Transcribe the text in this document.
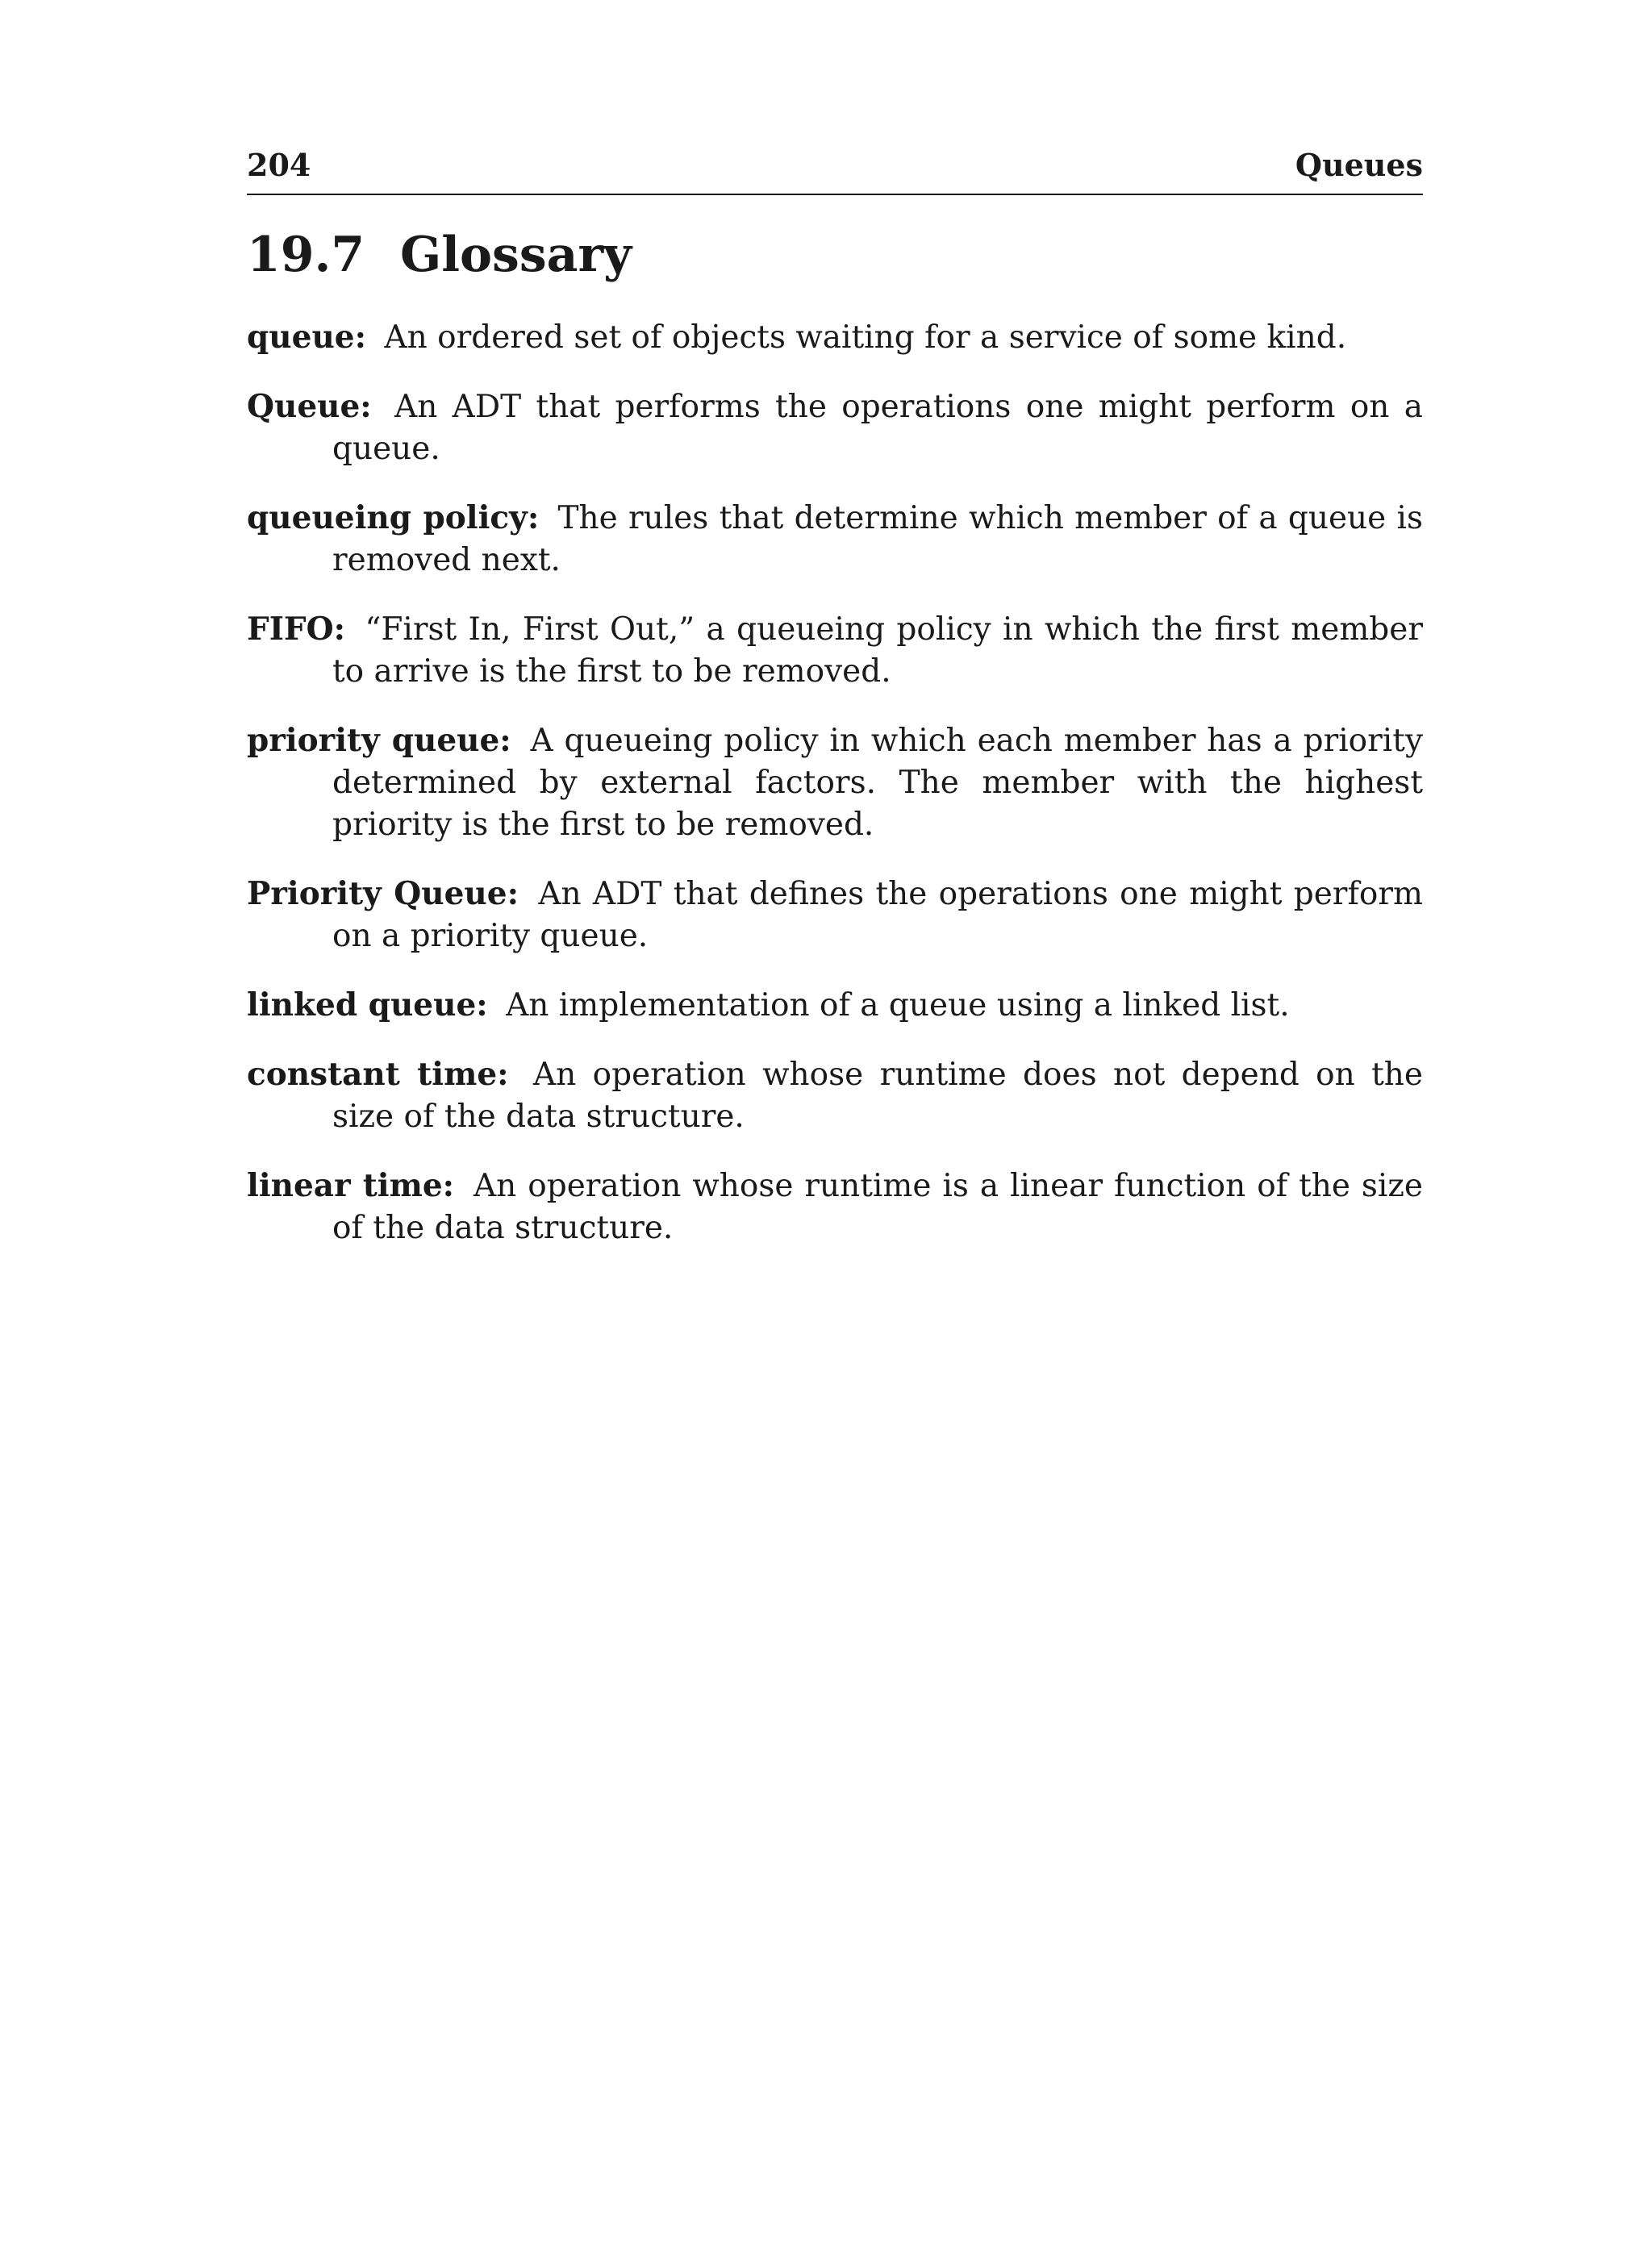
204	Queues
19.7 Glossary

queue: An ordered set of objects waiting for a service of some kind.

Queue: An ADT that performs the operations one might perform on a queue.

queueing policy: The rules that determine which member of a queue is removed next.

FIFO: “First In, First Out,” a queueing policy in which the first member to arrive is the first to be removed.

priority queue: A queueing policy in which each member has a priority determined by external factors. The member with the highest priority is the first to be removed.

Priority Queue: An ADT that defines the operations one might perform on a priority queue.

linked queue: An implementation of a queue using a linked list.

constant time: An operation whose runtime does not depend on the size of the data structure.

linear time: An operation whose runtime is a linear function of the size of the data structure.
